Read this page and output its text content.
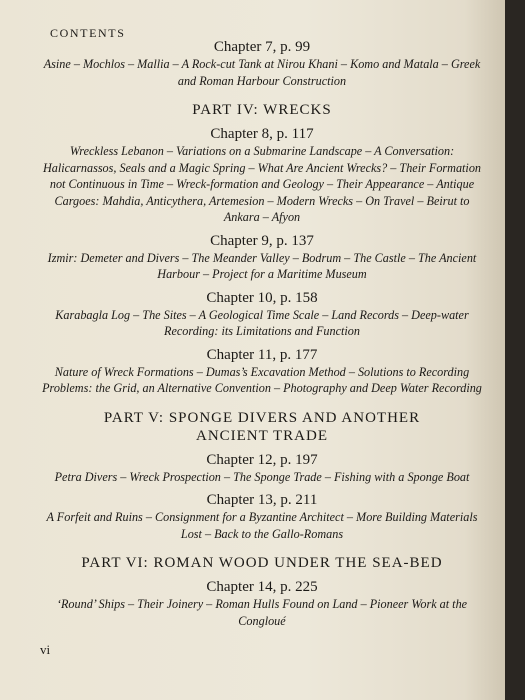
CONTENTS
Chapter 7, p. 99

Asine – Mochlos – Mallia – A Rock-cut Tank at Nirou Khani – Komo and Matala – Greek and Roman Harbour Construction

PART IV: WRECKS
Chapter 8, p. 117

Wreckless Lebanon – Variations on a Submarine Landscape – A Conversation: Halicarnassos, Seals and a Magic Spring – What Are Ancient Wrecks? – Their Formation not Continuous in Time – Wreck-formation and Geology – Their Appearance – Antique Cargoes: Mahdia, Anticythera, Artemesion – Modern Wrecks – On Travel – Beirut to Ankara – Afyon

Chapter 9, p. 137

Izmir: Demeter and Divers – The Meander Valley – Bodrum – The Castle – The Ancient Harbour – Project for a Maritime Museum

Chapter 10, p. 158

Karabagla Log – The Sites – A Geological Time Scale – Land Records – Deep-water Recording: its Limitations and Function

Chapter 11, p. 177

Nature of Wreck Formations – Dumas’s Excavation Method – Solutions to Recording Problems: the Grid, an Alternative Convention – Photography and Deep Water Recording

PART V: SPONGE DIVERS AND ANOTHER ANCIENT TRADE
Chapter 12, p. 197

Petra Divers – Wreck Prospection – The Sponge Trade – Fishing with a Sponge Boat

Chapter 13, p. 211

A Forfeit and Ruins – Consignment for a Byzantine Architect – More Building Materials Lost – Back to the Gallo-Romans

PART VI: ROMAN WOOD UNDER THE SEA-BED
Chapter 14, p. 225

‘Round’ Ships – Their Joinery – Roman Hulls Found on Land – Pioneer Work at the Congloué

vi
